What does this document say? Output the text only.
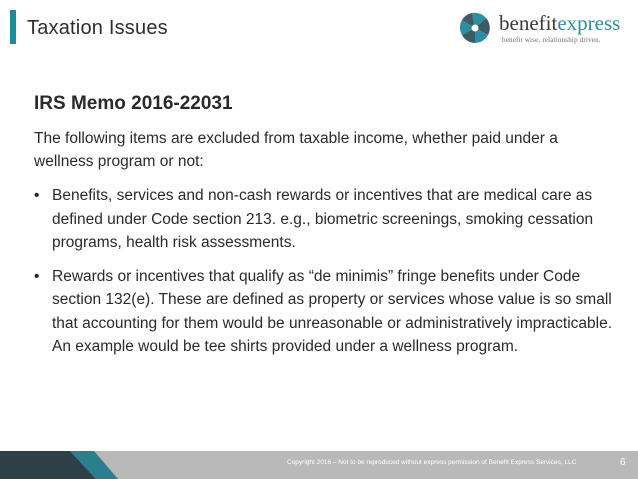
Taxation Issues	benefitexpress
benefit wise, relationship driven.
IRS Memo 2016-22031
The following items are excluded from taxable income, whether paid under a wellness program or not:
• Benefits, services and non-cash rewards or incentives that are medical care as defined under Code section 213. e.g., biometric screenings, smoking cessation programs, health risk assessments.
• Rewards or incentives that qualify as “de minimis” fringe benefits under Code section 132(e). These are defined as property or services whose value is so small that accounting for them would be unreasonable or administratively impracticable. An example would be tee shirts provided under a wellness program.
Copyright 2016 – Not to be reproduced without express permission of Benefit Express Services, LLC	6
